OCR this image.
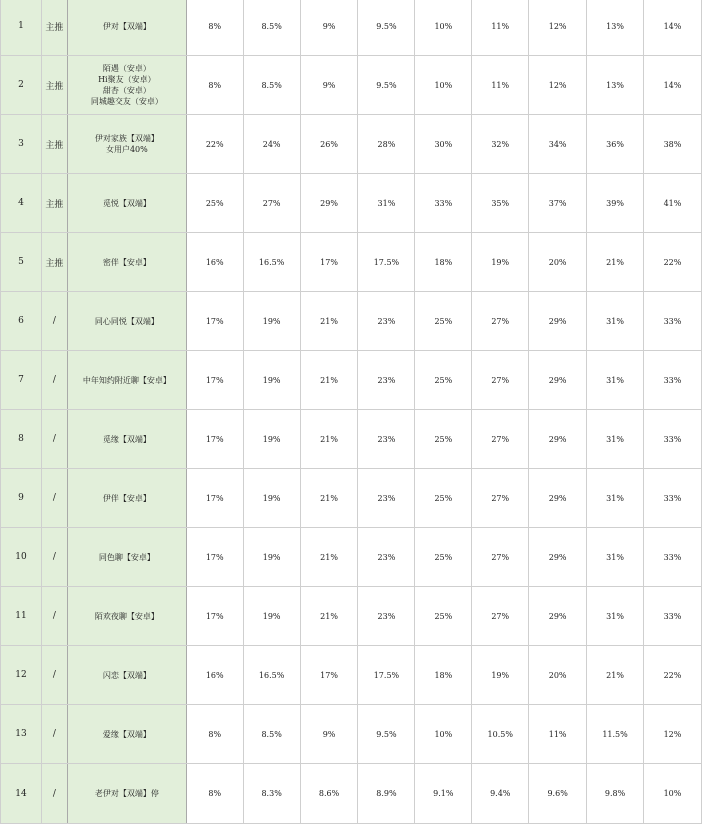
1	主推	伊对【双端】	8%	8.5%	9%	9.5%	10%	11%	12%	13%	14%
2	主推	陌遇（安卓）
Hi聚友（安卓）
甜杏（安卓）
同城趣交友（安卓）	8%	8.5%	9%	9.5%	10%	11%	12%	13%	14%
3	主推	伊对家族【双端】
女用户40%	22%	24%	26%	28%	30%	32%	34%	36%	38%
4	主推	觅悦【双端】	25%	27%	29%	31%	33%	35%	37%	39%	41%
5	主推	密伴【安卓】	16%	16.5%	17%	17.5%	18%	19%	20%	21%	22%
6	/	同心同悦【双端】	17%	19%	21%	23%	25%	27%	29%	31%	33%
7	/	中年知约附近聊【安卓】	17%	19%	21%	23%	25%	27%	29%	31%	33%
8	/	觅缘【双端】	17%	19%	21%	23%	25%	27%	29%	31%	33%
9	/	伊伴【安卓】	17%	19%	21%	23%	25%	27%	29%	31%	33%
10	/	同色聊【安卓】	17%	19%	21%	23%	25%	27%	29%	31%	33%
11	/	陌欢夜聊【安卓】	17%	19%	21%	23%	25%	27%	29%	31%	33%
12	/	闪恋【双端】	16%	16.5%	17%	17.5%	18%	19%	20%	21%	22%
13	/	爱缘【双端】	8%	8.5%	9%	9.5%	10%	10.5%	11%	11.5%	12%
14	/	老伊对【双端】停	8%	8.3%	8.6%	8.9%	9.1%	9.4%	9.6%	9.8%	10%
